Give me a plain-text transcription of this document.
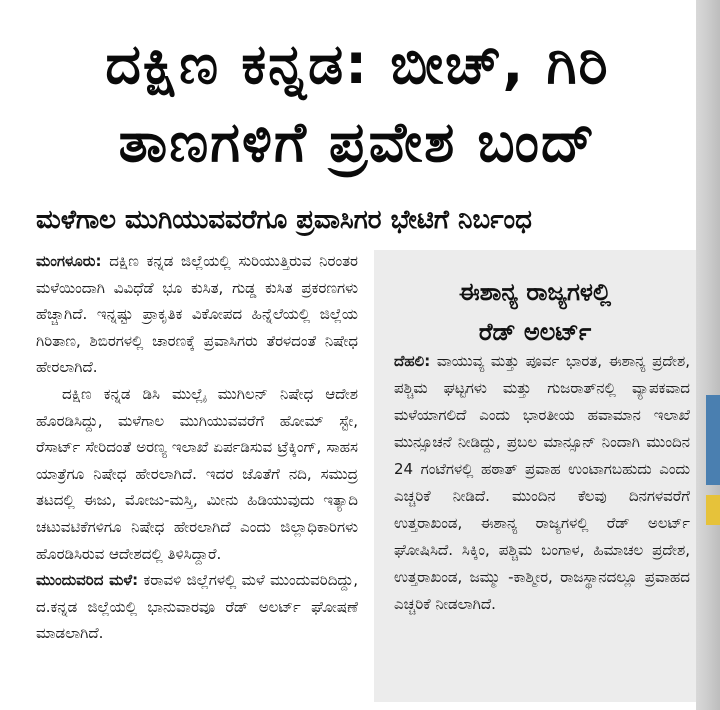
ದಕ್ಷಿಣ ಕನ್ನಡ: ಬೀಚ್, ಗಿರಿ
ತಾಣಗಳಿಗೆ ಪ್ರವೇಶ ಬಂದ್
ಮಳೆಗಾಲ ಮುಗಿಯುವವರೆಗೂ ಪ್ರವಾಸಿಗರ ಭೇಟಿಗೆ ನಿರ್ಬಂಧ

ಮಂಗಳೂರು: ದಕ್ಷಿಣ ಕನ್ನಡ ಜಿಲ್ಲೆಯಲ್ಲಿ ಸುರಿಯುತ್ತಿರುವ ನಿರಂತರ ಮಳೆಯಿಂದಾಗಿ ವಿವಿಧೆಡೆ ಭೂ ಕುಸಿತ, ಗುಡ್ಡ ಕುಸಿತ ಪ್ರಕರಣಗಳು ಹೆಚ್ಚಾಗಿದೆ. ಇನ್ನಷ್ಟು ಪ್ರಾಕೃತಿಕ ವಿಕೋಪದ ಹಿನ್ನೆಲೆಯಲ್ಲಿ ಜಿಲ್ಲೆಯ ಗಿರಿತಾಣ, ಶಿಬಿರಗಳಲ್ಲಿ ಚಾರಣಕ್ಕೆ ಪ್ರವಾಸಿಗರು ತೆರಳದಂತೆ ನಿಷೇಧ ಹೇರಲಾಗಿದೆ.

ದಕ್ಷಿಣ ಕನ್ನಡ ಡಿಸಿ ಮುಲ್ಲೈ ಮುಗಿಲನ್ ನಿಷೇಧ ಆದೇಶ ಹೊರಡಿಸಿದ್ದು, ಮಳೆಗಾಲ ಮುಗಿಯುವವರೆಗೆ ಹೋಮ್ ಸ್ಟೇ, ರೆಸಾರ್ಟ್ ಸೇರಿದಂತೆ ಅರಣ್ಯ ಇಲಾಖೆ ಏರ್ಪಡಿಸುವ ಟ್ರೆಕ್ಕಿಂಗ್, ಸಾಹಸ ಯಾತ್ರೆಗೂ ನಿಷೇಧ ಹೇರಲಾಗಿದೆ. ಇದರ ಜೊತೆಗೆ ನದಿ, ಸಮುದ್ರ ತಟದಲ್ಲಿ ಈಜು, ಮೋಜು-ಮಸ್ತಿ, ಮೀನು ಹಿಡಿಯುವುದು ಇತ್ಯಾದಿ ಚಟುವಟಿಕೆಗಳಿಗೂ ನಿಷೇಧ ಹೇರಲಾಗಿದೆ ಎಂದು ಜಿಲ್ಲಾಧಿಕಾರಿಗಳು ಹೊರಡಿಸಿರುವ ಆದೇಶದಲ್ಲಿ ತಿಳಿಸಿದ್ದಾರೆ.

ಮುಂದುವರಿದ ಮಳೆ: ಕರಾವಳಿ ಜಿಲ್ಲೆಗಳಲ್ಲಿ ಮಳೆ ಮುಂದುವರಿದಿದ್ದು, ದ.ಕನ್ನಡ ಜಿಲ್ಲೆಯಲ್ಲಿ ಭಾನುವಾರವೂ ರೆಡ್ ಅಲರ್ಟ್ ಘೋಷಣೆ ಮಾಡಲಾಗಿದೆ.

ಈಶಾನ್ಯ ರಾಜ್ಯಗಳಲ್ಲಿ
ರೆಡ್ ಅಲರ್ಟ್

ದೆಹಲಿ: ವಾಯುವ್ಯ ಮತ್ತು ಪೂರ್ವ ಭಾರತ, ಈಶಾನ್ಯ ಪ್ರದೇಶ, ಪಶ್ಚಿಮ ಘಟ್ಟಗಳು ಮತ್ತು ಗುಜರಾತ್‌ನಲ್ಲಿ ವ್ಯಾಪಕವಾದ ಮಳೆಯಾಗಲಿದೆ ಎಂದು ಭಾರತೀಯ ಹವಾಮಾನ ಇಲಾಖೆ ಮುನ್ಸೂಚನೆ ನೀಡಿದ್ದು, ಪ್ರಬಲ ಮಾನ್ಸೂನ್ ನಿಂದಾಗಿ ಮುಂದಿನ 24 ಗಂಟೆಗಳಲ್ಲಿ ಹಠಾತ್ ಪ್ರವಾಹ ಉಂಟಾಗಬಹುದು ಎಂದು ಎಚ್ಚರಿಕೆ ನೀಡಿದೆ. ಮುಂದಿನ ಕೆಲವು ದಿನಗಳವರೆಗೆ ಉತ್ತರಾಖಂಡ, ಈಶಾನ್ಯ ರಾಜ್ಯಗಳಲ್ಲಿ ರೆಡ್ ಅಲರ್ಟ್ ಘೋಷಿಸಿದೆ. ಸಿಕ್ಕಿಂ, ಪಶ್ಚಿಮ ಬಂಗಾಳ, ಹಿಮಾಚಲ ಪ್ರದೇಶ, ಉತ್ತರಾಖಂಡ, ಜಮ್ಮು -ಕಾಶ್ಮೀರ, ರಾಜಸ್ಥಾನದಲ್ಲೂ ಪ್ರವಾಹದ ಎಚ್ಚರಿಕೆ ನೀಡಲಾಗಿದೆ.
